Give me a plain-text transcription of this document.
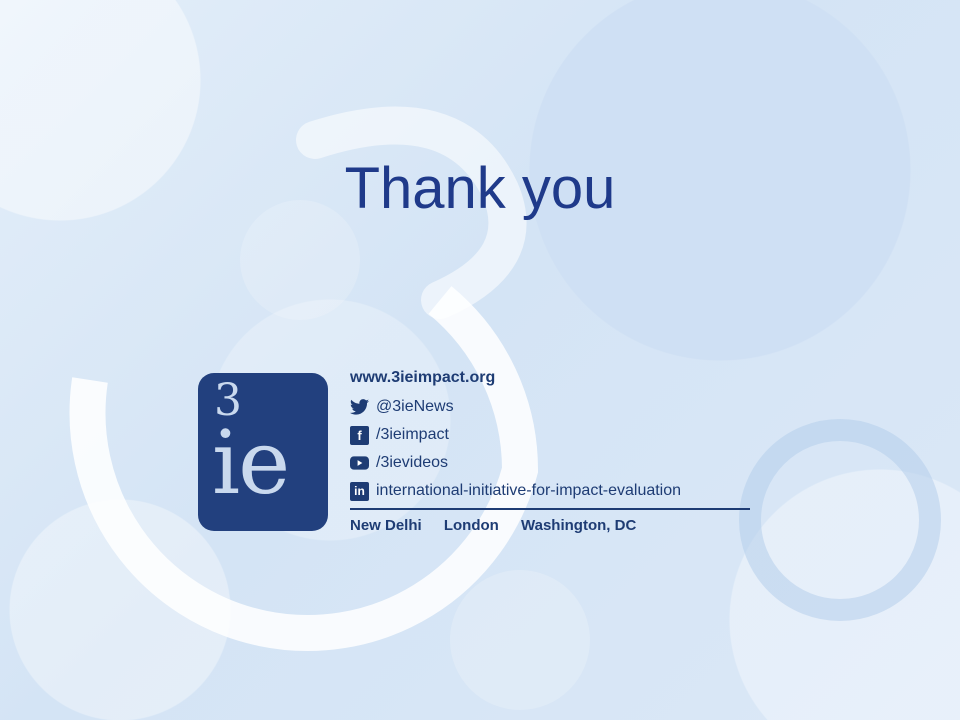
Thank you
3
ie
www.3ieimpact.org
@3ieNews
f /3ieimpact
/3ievideos
in international-initiative-for-impact-evaluation
New Delhi London Washington, DC
